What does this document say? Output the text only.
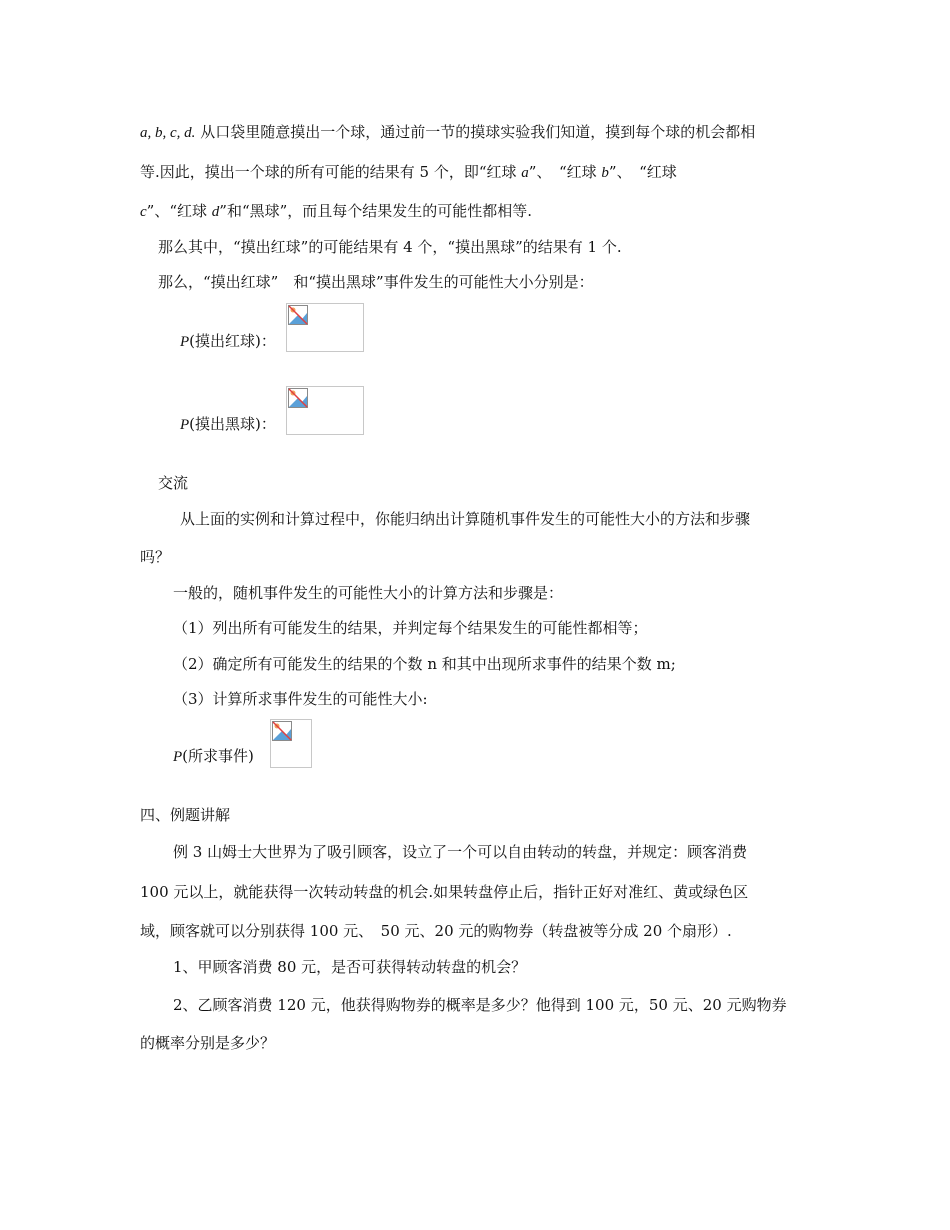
a, b, c, d. 从口袋里随意摸出一个球，通过前一节的摸球实验我们知道，摸到每个球的机会都相
等.因此，摸出一个球的所有可能的结果有 5 个，即“红球 a”、　“红球 b”、　“红球
c”、“红球 d”和“黑球”，而且每个结果发生的可能性都相等.
那么其中，“摸出红球”的可能结果有 4 个，“摸出黑球”的结果有 1 个.
那么，“摸出红球”　和“摸出黑球”事件发生的可能性大小分别是：
P(摸出红球)：
P(摸出黑球)：
交流
从上面的实例和计算过程中，你能归纳出计算随机事件发生的可能性大小的方法和步骤
吗？
一般的，随机事件发生的可能性大小的计算方法和步骤是：
（1）列出所有可能发生的结果，并判定每个结果发生的可能性都相等；
（2）确定所有可能发生的结果的个数 n 和其中出现所求事件的结果个数 m;
（3）计算所求事件发生的可能性大小:
P(所求事件)
四、例题讲解
例 3 山姆士大世界为了吸引顾客，设立了一个可以自由转动的转盘，并规定：顾客消费
100 元以上，就能获得一次转动转盘的机会.如果转盘停止后，指针正好对准红、黄或绿色区
域，顾客就可以分别获得 100 元、　50 元、20 元的购物券（转盘被等分成 20 个扇形）.
1、甲顾客消费 80 元，是否可获得转动转盘的机会？
2、乙顾客消费 120 元，他获得购物券的概率是多少？他得到 100 元，50 元、20 元购物券
的概率分别是多少？
